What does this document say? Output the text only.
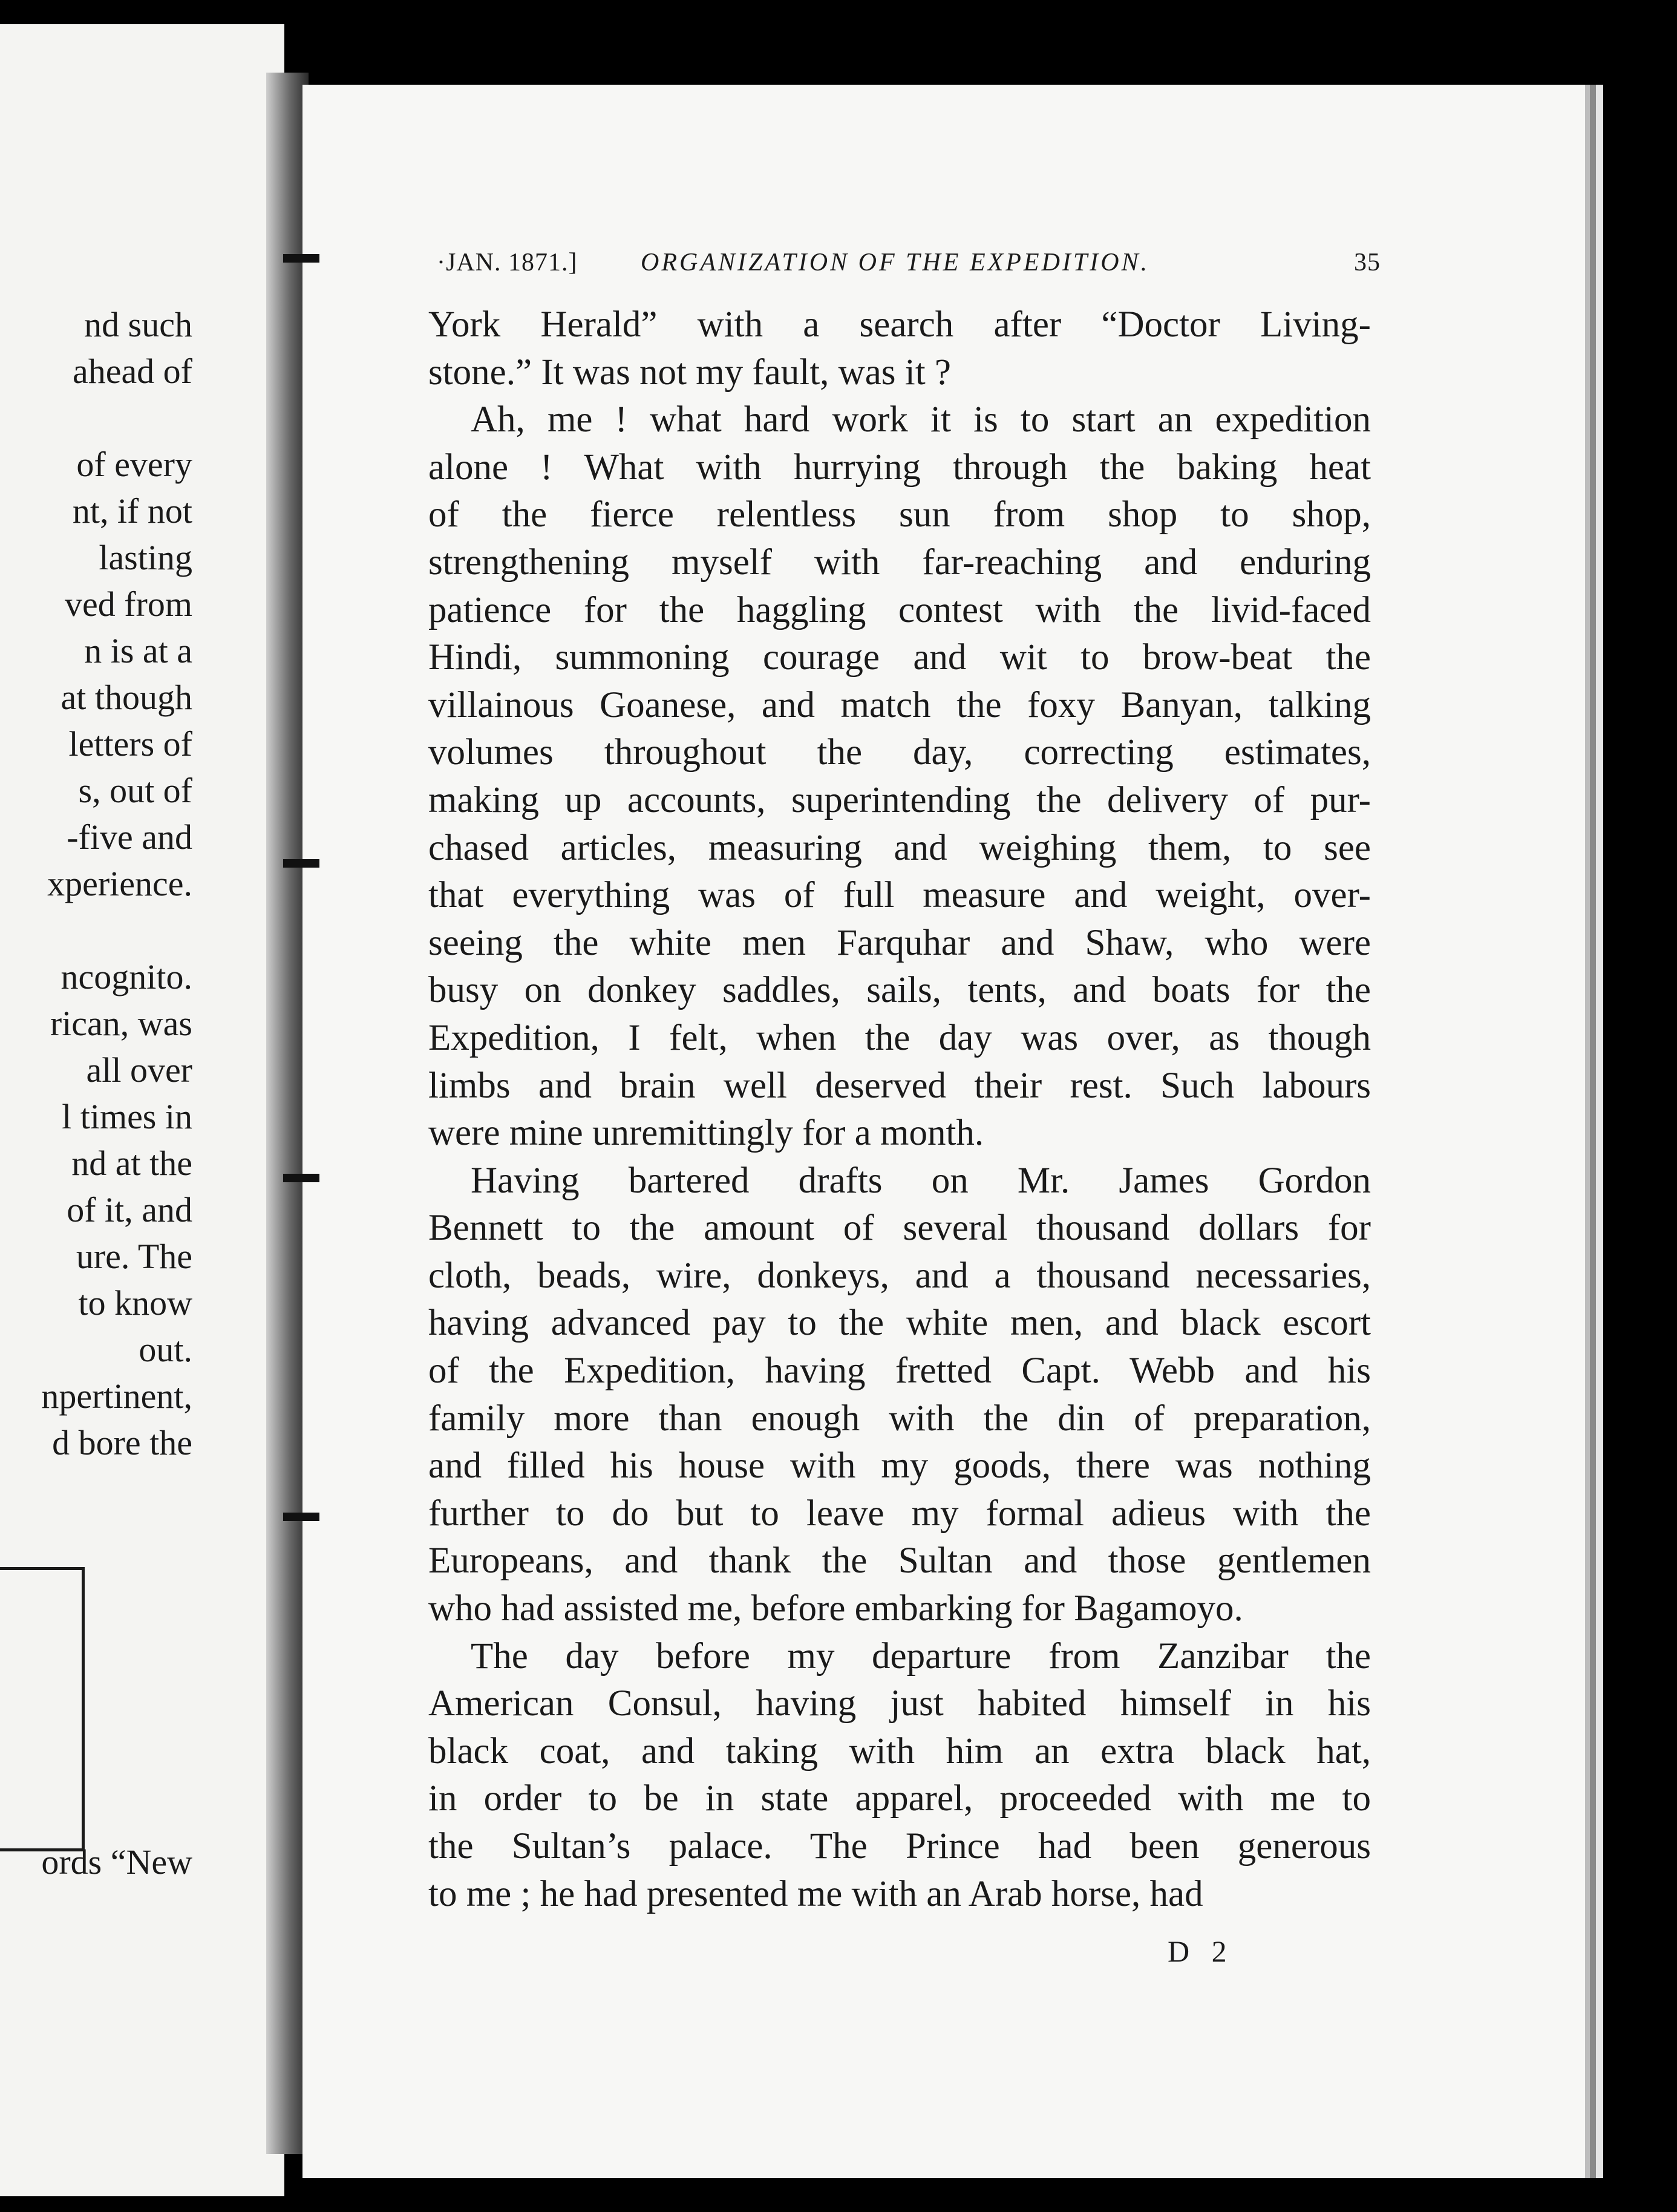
nd such
ahead of
of every
nt, if not
lasting
ved from
n is at a
at though
letters of
s, out of
-five and
xperience.
ncognito.
rican, was
all over
l times in
nd at the
of it, and
ure. The
to know
out.
npertinent,
d bore the
ords “New
·JAN. 1871.] ORGANIZATION OF THE EXPEDITION.	35
York Herald” with a search after “Doctor Living-
stone.” It was not my fault, was it ?
Ah, me ! what hard work it is to start an expedition
alone ! What with hurrying through the baking heat
of the fierce relentless sun from shop to shop,
strengthening myself with far-reaching and enduring
patience for the haggling contest with the livid-faced
Hindi, summoning courage and wit to brow-beat the
villainous Goanese, and match the foxy Banyan, talking
volumes throughout the day, correcting estimates,
making up accounts, superintending the delivery of pur-
chased articles, measuring and weighing them, to see
that everything was of full measure and weight, over-
seeing the white men Farquhar and Shaw, who were
busy on donkey saddles, sails, tents, and boats for the
Expedition, I felt, when the day was over, as though
limbs and brain well deserved their rest. Such labours
were mine unremittingly for a month.
Having bartered drafts on Mr. James Gordon
Bennett to the amount of several thousand dollars for
cloth, beads, wire, donkeys, and a thousand necessaries,
having advanced pay to the white men, and black escort
of the Expedition, having fretted Capt. Webb and his
family more than enough with the din of preparation,
and filled his house with my goods, there was nothing
further to do but to leave my formal adieus with the
Europeans, and thank the Sultan and those gentlemen
who had assisted me, before embarking for Bagamoyo.
The day before my departure from Zanzibar the
American Consul, having just habited himself in his
black coat, and taking with him an extra black hat,
in order to be in state apparel, proceeded with me to
the Sultan’s palace. The Prince had been generous
to me ; he had presented me with an Arab horse, had
D 2
